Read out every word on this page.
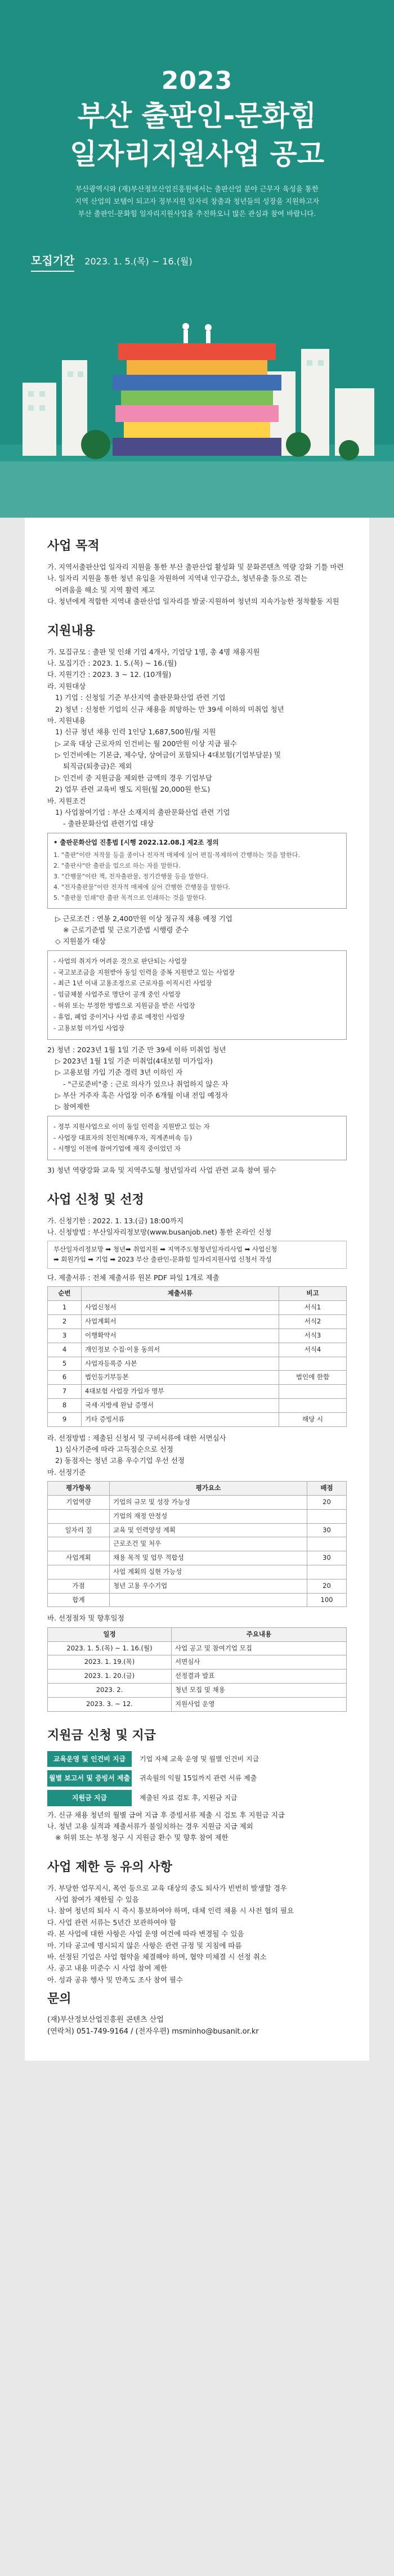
2023
부산 출판인-문화힘
일자리지원사업 공고
부산광역시와 (재)부산정보산업진흥원에서는 출판산업 분야 근무자 육성을 통한
지역 산업의 보탬이 되고자 정부지원 일자리 창출과 청년들의 성장을 지원하고자
부산 출판인-문화힘 일자리지원사업을 추진하오니 많은 관심과 참여 바랍니다.
모집기간 2023. 1. 5.(목) ~ 16.(월)
사업 목적
가. 지역서출판산업 일자리 지원을 통한 부산 출판산업 활성화 및 문화콘텐츠 역량 강화 기틀 마련
나. 일자리 지원을 통한 청년 유입을 자원하여 지역내 인구감소, 청년유출 등으로 겪는
어려움을 해소 및 지역 활력 제고
다. 청년에게 적합한 지역내 출판산업 일자리를 발굴·지원하여 청년의 지속가능한 정착활동 지원
지원내용
가. 모집규모 : 출판 및 인쇄 기업 4개사, 기업당 1명, 총 4명 채용지원
나. 모집기간 : 2023. 1. 5.(목) ~ 16.(월)
다. 지원기간 : 2023. 3 ~ 12. (10개월)
라. 지원대상
1) 기업 : 신청일 기준 부산지역 출판문화산업 관련 기업
2) 청년 : 신청한 기업의 신규 채용을 희망하는 만 39세 이하의 미취업 청년
마. 지원내용
1) 신규 청년 채용 인력 1인당 1,687,500원/월 지원
▷ 교육 대상 근로자의 인건비는 월 200만원 이상 지급 필수
▷ 인건비에는 기본급, 제수당, 상여금이 포함되나 4대보험(기업부담분) 및
퇴직금(퇴충금)은 제외
▷ 인건비 중 지원금을 제외한 금액의 경우 기업부담
2) 업무 관련 교육비 별도 지원(월 20,000원 한도)
바. 지원조건
1) 사업참여기업 : 부산 소재지의 출판문화산업 관련 기업
- 출판문화산업 관련기업 대상
• 출판문화산업 진흥법 [시행 2022.12.08.] 제2조 정의
1. "출판"이란 저작물 등을 종이나 전자적 매체에 실어 편집·복제하여 간행하는 것을 말한다.
2. "출판사"란 출판을 업으로 하는 자를 말한다.
3. "간행물"이란 책, 전자출판물, 정기간행물 등을 말한다.
4. "전자출판물"이란 전자적 매체에 실어 간행한 간행물을 말한다.
5. "출판물 인쇄"란 출판 목적으로 인쇄하는 것을 말한다.
▷ 근로조건 : 연봉 2,400만원 이상 정규직 채용 예정 기업
※ 근로기준법 및 근로기준법 시행령 준수
◇ 지원불가 대상
- 사업의 취지가 어려운 것으로 판단되는 사업장
- 국고보조금을 지원받아 동일 인력을 중복 지원받고 있는 사업장
- 최근 1년 이내 고용조정으로 근로자를 이직시킨 사업장
- 임금체불 사업주로 명단이 공개 중인 사업장
- 허위 또는 부정한 방법으로 지원금을 받은 사업장
- 휴업, 폐업 중이거나 사업 종료 예정인 사업장
- 고용보험 미가입 사업장
2) 청년 : 2023년 1월 1일 기준 만 39세 이하 미취업 청년
▷ 2023년 1월 1일 기준 미취업(4대보험 미가입자)
▷ 고용보험 가입 기준 경력 3년 이하인 자
- "근로준비"중 : 근로 의사가 있으나 취업하지 않은 자
▷ 부산 거주자 혹은 사업장 이주 6개월 이내 전입 예정자
▷ 참여제한
- 정부 지원사업으로 이미 동일 인력을 지원받고 있는 자
- 사업장 대표자의 친인척(배우자, 직계존비속 등)
- 시행일 이전에 참여기업에 재직 중이었던 자
3) 청년 역량강화 교육 및 지역주도형 청년일자리 사업 관련 교육 참여 필수
사업 신청 및 선정
가. 신청기한 : 2022. 1. 13.(금) 18:00까지
나. 신청방법 : 부산일자리정보망(www.busanjob.net) 통한 온라인 신청
부산일자리정보망 ➡ 청년➡ 취업지원 ➡ 지역주도형청년일자리사업 ➡ 사업신청
➡ 회원가입 ➡ 기업 ➡ 2023 부산 출판인-문화힘 일자리지원사업 신청서 작성
다. 제출서류 : 전체 제출서류 원본 PDF 파일 1개로 제출
순번	제출서류	비고
1	사업신청서	서식1
2	사업계획서	서식2
3	이행확약서	서식3
4	개인정보 수집·이용 동의서	서식4
5	사업자등록증 사본	
6	법인등기부등본	법인에 한함
7	4대보험 사업장 가입자 명부	
8	국세·지방세 완납 증명서	
9	기타 증빙서류	해당 시
라. 선정방법 : 제출된 신청서 및 구비서류에 대한 서면심사
1) 심사기준에 따라 고득점순으로 선정
2) 동점자는 청년 고용 우수기업 우선 선정
마. 선정기준
평가항목	평가요소	배점
기업역량	기업의 규모 및 성장 가능성	20
	기업의 재정 안정성	
일자리 질	교육 및 인력양성 계획	30
	근로조건 및 처우	
사업계획	채용 목적 및 업무 적합성	30
	사업 계획의 실현 가능성	
가점	청년 고용 우수기업	20
합계		100
바. 선정절차 및 향후일정
일정	주요내용
2023. 1. 5.(목) ~ 1. 16.(월)	사업 공고 및 참여기업 모집
2023. 1. 19.(목)	서면심사
2023. 1. 20.(금)	선정결과 발표
2023. 2.	청년 모집 및 채용
2023. 3. ~ 12.	지원사업 운영
지원금 신청 및 지급
교육운영 및 인건비 지급	기업 자체 교육 운영 및 월별 인건비 지급
월별 보고서 및 증빙서 제출	귀속월의 익월 15일까지 관련 서류 제출
지원금 지급	제출된 자료 검토 후, 지원금 지급
가. 신규 채용 청년의 월별 급여 지급 후 증빙서류 제출 시 검토 후 지원금 지급
나. 청년 고용 실적과 제출서류가 불일치하는 경우 지원금 지급 제외
※ 허위 또는 부정 청구 시 지원금 환수 및 향후 참여 제한
사업 제한 등 유의 사항
가. 부당한 업무지시, 폭언 등으로 교육 대상의 중도 퇴사가 빈번히 발생할 경우
사업 참여가 제한될 수 있음
나. 참여 청년의 퇴사 시 즉시 통보하여야 하며, 대체 인력 채용 시 사전 협의 필요
다. 사업 관련 서류는 5년간 보관하여야 함
라. 본 사업에 대한 사항은 사업 운영 여건에 따라 변경될 수 있음
마. 기타 공고에 명시되지 않은 사항은 관련 규정 및 지침에 따름
바. 선정된 기업은 사업 협약을 체결해야 하며, 협약 미체결 시 선정 취소
사. 공고 내용 미준수 시 사업 참여 제한
아. 성과 공유 행사 및 만족도 조사 참여 필수
문의
(재)부산정보산업진흥원 콘텐츠 산업
(연락처) 051-749-9164 / (전자우편) msminho@busanit.or.kr
